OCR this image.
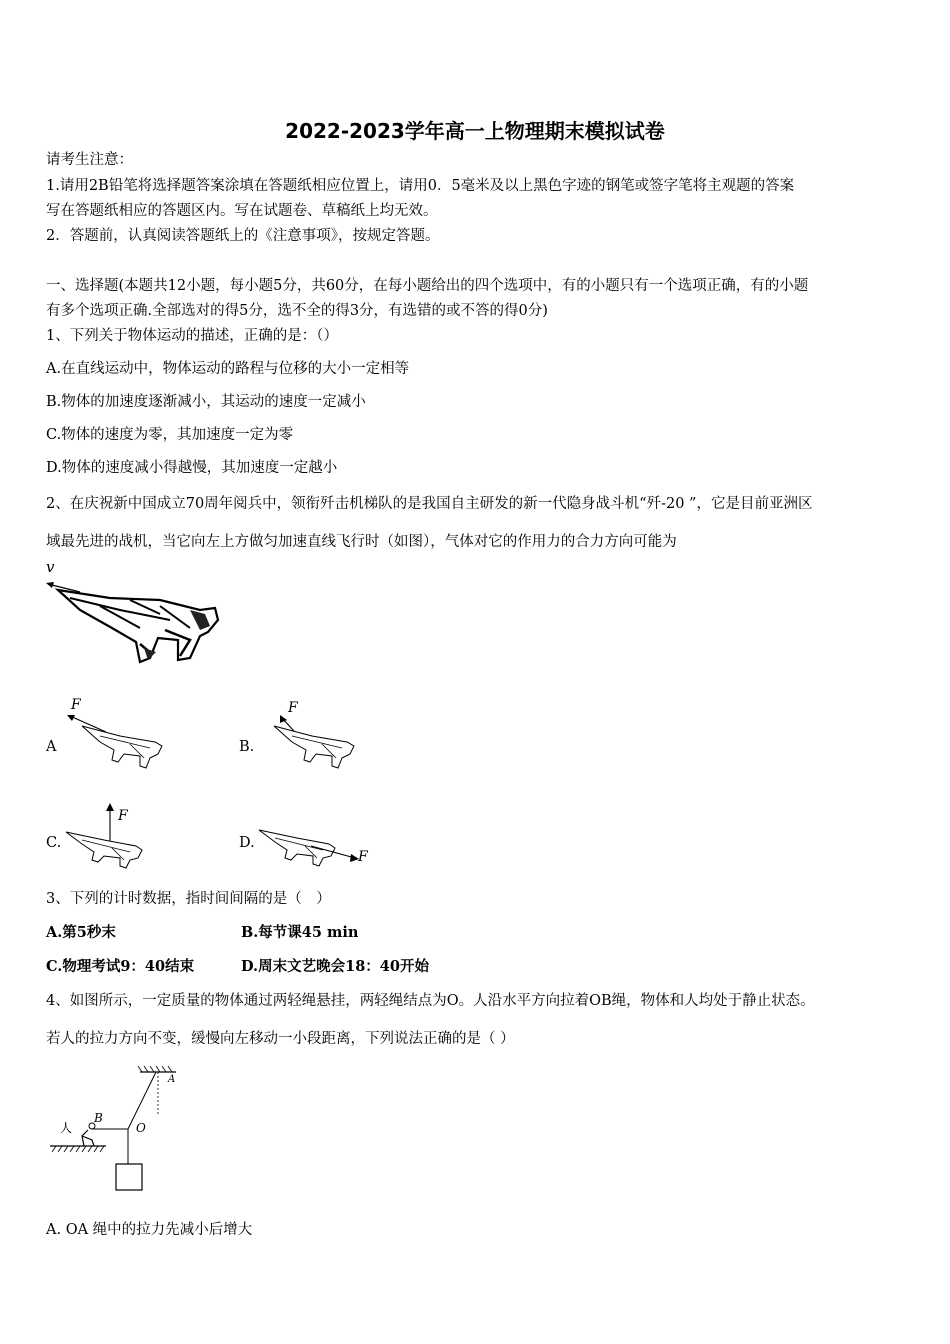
2022-2023学年高一上物理期末模拟试卷
请考生注意：
1.请用2B铅笔将选择题答案涂填在答题纸相应位置上，请用0．5毫米及以上黑色字迹的钢笔或签字笔将主观题的答案
写在答题纸相应的答题区内。写在试题卷、草稿纸上均无效。
2．答题前，认真阅读答题纸上的《注意事项》，按规定答题。
一、选择题(本题共12小题，每小题5分，共60分，在每小题给出的四个选项中，有的小题只有一个选项正确，有的小题
有多个选项正确.全部选对的得5分，选不全的得3分，有选错的或不答的得0分)
1、下列关于物体运动的描述，正确的是：（）
A.在直线运动中，物体运动的路程与位移的大小一定相等
B.物体的加速度逐渐减小，其运动的速度一定减小
C.物体的速度为零，其加速度一定为零
D.物体的速度减小得越慢，其加速度一定越小
2、在庆祝新中国成立70周年阅兵中，领衔歼击机梯队的是我国自主研发的新一代隐身战斗机“歼-20 ”，它是目前亚洲区
域最先进的战机，当它向左上方做匀加速直线飞行时（如图），气体对它的作用力的合力方向可能为
v
A
F
B.
F
C.
F
D.
F
3、下列的计时数据，指时间间隔的是（　）
A.第5秒末	B.每节课45 min
C.物理考试9：40结束	D.周末文艺晚会18：40开始
4、如图所示，一定质量的物体通过两轻绳悬挂，两轻绳结点为O。人沿水平方向拉着OB绳，物体和人均处于静止状态。
若人的拉力方向不变，缓慢向左移动一小段距离，下列说法正确的是（ ）
A
B
O
人
A. OA 绳中的拉力先减小后增大
